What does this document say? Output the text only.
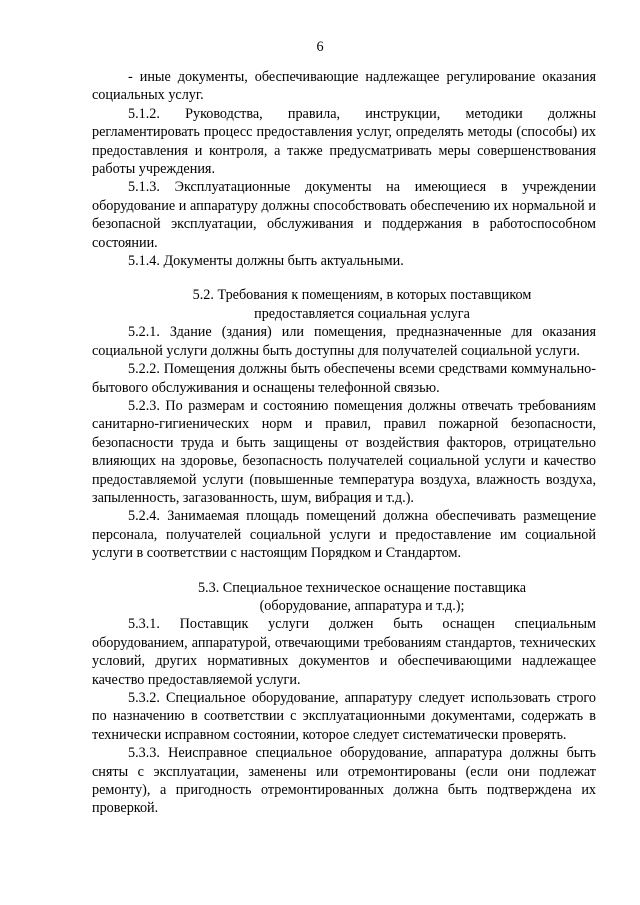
6

- иные документы, обеспечивающие надлежащее регулирование оказания социальных услуг.

5.1.2. Руководства, правила, инструкции, методики должны регламентировать процесс предоставления услуг, определять методы (способы) их предоставления и контроля, а также предусматривать меры совершенствования работы учреждения.

5.1.3. Эксплуатационные документы на имеющиеся в учреждении оборудование и аппаратуру должны способствовать обеспечению их нормальной и безопасной эксплуатации, обслуживания и поддержания в работоспособном состоянии.

5.1.4. Документы должны быть актуальными.

5.2. Требования к помещениям, в которых поставщиком

предоставляется социальная услуга

5.2.1. Здание (здания) или помещения, предназначенные для оказания социальной услуги должны быть доступны для получателей социальной услуги.

5.2.2. Помещения должны быть обеспечены всеми средствами коммунально-бытового обслуживания и оснащены телефонной связью.

5.2.3. По размерам и состоянию помещения должны отвечать требованиям санитарно-гигиенических норм и правил, правил пожарной безопасности, безопасности труда и быть защищены от воздействия факторов, отрицательно влияющих на здоровье, безопасность получателей социальной услуги и качество предоставляемой услуги (повышенные температура воздуха, влажность воздуха, запыленность, загазованность, шум, вибрация и т.д.).

5.2.4. Занимаемая площадь помещений должна обеспечивать размещение персонала, получателей социальной услуги и предоставление им социальной услуги в соответствии с настоящим Порядком и Стандартом.

5.3. Специальное техническое оснащение поставщика

(оборудование, аппаратура и т.д.);

5.3.1. Поставщик услуги должен быть оснащен специальным оборудованием, аппаратурой, отвечающими требованиям стандартов, технических условий, других нормативных документов и обеспечивающими надлежащее качество предоставляемой услуги.

5.3.2. Специальное оборудование, аппаратуру следует использовать строго по назначению в соответствии с эксплуатационными документами, содержать в технически исправном состоянии, которое следует систематически проверять.

5.3.3. Неисправное специальное оборудование, аппаратура должны быть сняты с эксплуатации, заменены или отремонтированы (если они подлежат ремонту), а пригодность отремонтированных должна быть подтверждена их проверкой.
